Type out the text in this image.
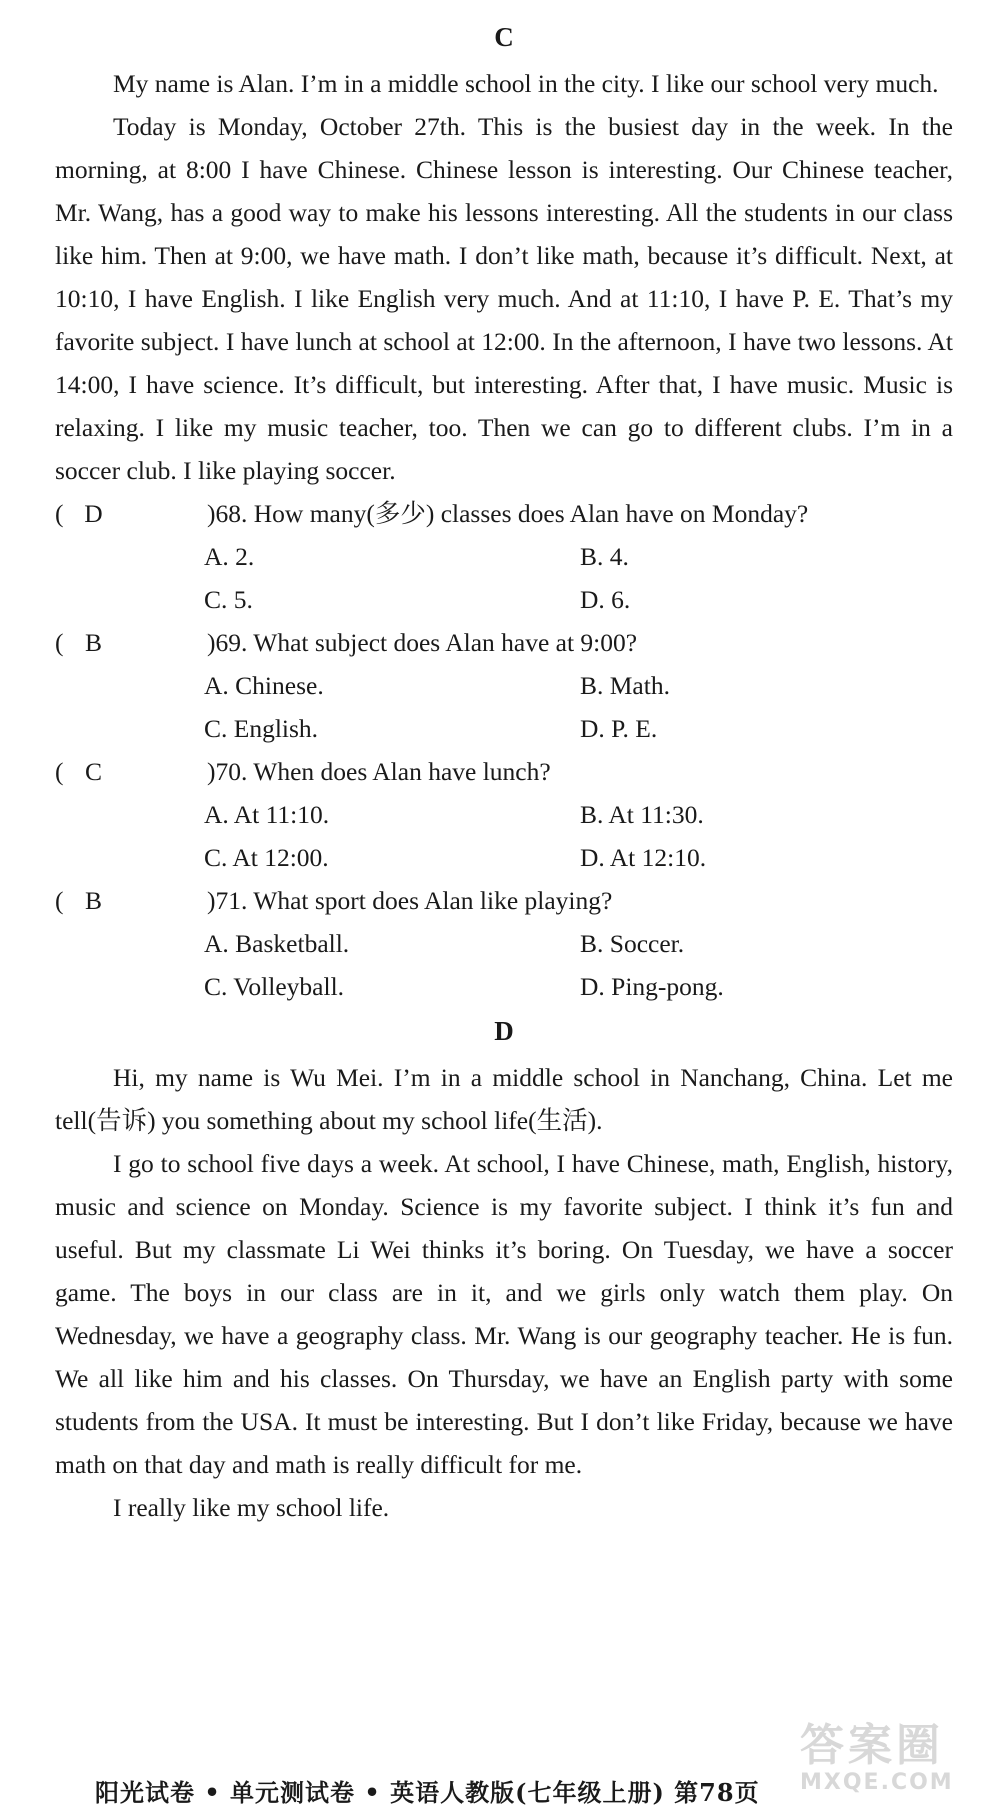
C

My name is Alan. I’m in a middle school in the city. I like our school very much.

Today is Monday, October 27th. This is the busiest day in the week. In the morning, at 8:00 I have Chinese. Chinese lesson is interesting. Our Chinese teacher, Mr. Wang, has a good way to make his lessons interesting. All the students in our class like him. Then at 9:00, we have math. I don’t like math, because it’s difficult. Next, at 10:10, I have English. I like English very much. And at 11:10, I have P. E. That’s my favorite subject. I have lunch at school at 12:00. In the afternoon, I have two lessons. At 14:00, I have science. It’s difficult, but interesting. After that, I have music. Music is relaxing. I like my music teacher, too. Then we can go to different clubs. I’m in a soccer club. I like playing soccer.

( D	)68. How many(多少) classes does Alan have on Monday?

A. 2.	B. 4.
C. 5.	D. 6.

( B	)69. What subject does Alan have at 9:00?

A. Chinese.	B. Math.
C. English.	D. P. E.

( C	)70. When does Alan have lunch?

A. At 11:10.	B. At 11:30.
C. At 12:00.	D. At 12:10.

( B	)71. What sport does Alan like playing?

A. Basketball.	B. Soccer.
C. Volleyball.	D. Ping-pong.
D

Hi, my name is Wu Mei. I’m in a middle school in Nanchang, China. Let me tell(告诉) you something about my school life(生活).

I go to school five days a week. At school, I have Chinese, math, English, history, music and science on Monday. Science is my favorite subject. I think it’s fun and useful. But my classmate Li Wei thinks it’s boring. On Tuesday, we have a soccer game. The boys in our class are in it, and we girls only watch them play. On Wednesday, we have a geography class. Mr. Wang is our geography teacher. He is fun. We all like him and his classes. On Thursday, we have an English party with some students from the USA. It must be interesting. But I don’t like Friday, because we have math on that day and math is really difficult for me.

I really like my school life.

阳光试卷 • 单元测试卷 • 英语人教版(七年级上册) 第78页
答案圈
MXQE.COM
